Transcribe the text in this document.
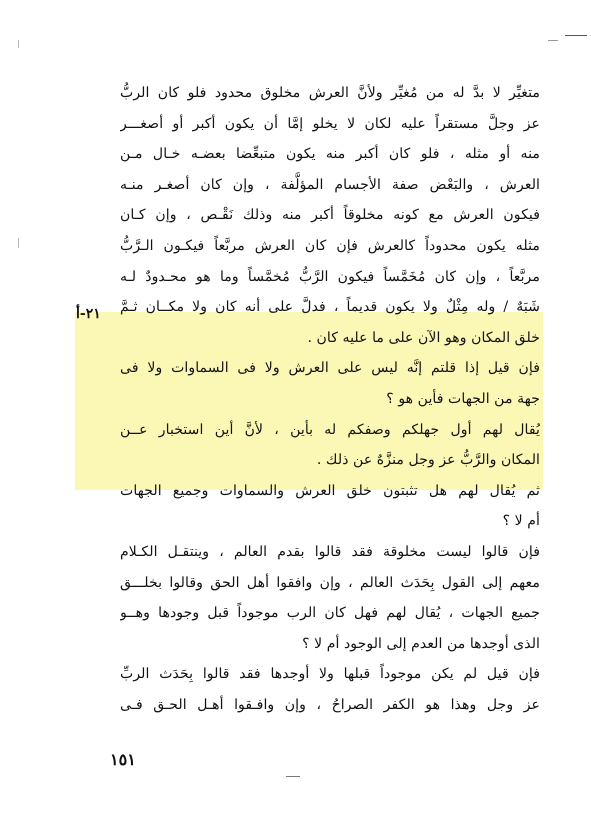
متغيِّر لا بدَّ له من مُغيِّر ولأنَّ العرش مخلوق محدود فلو كان الربُّ
عز وجلَّ مستقراً عليه لكان لا يخلو إمَّا أن يكون أكبر أو أصغـــر
منه أو مثله ، فلو كان أكبر منه يكون متبعِّضا بعضـه خـال مـن
العرش ، والبَعْض صفة الأجسام المؤلَّفة ، وإن كان أصغـر منـه
فيكون العرش مع كونه مخلوقاً أكبر منه وذلك نَقْـص ، وإن كـان
مثله يكون محدوداً كالعرش فإن كان العرش مربَّعاً فيكـون الـرَّبُّ
مربَّعاً ، وإن كان مُخَمَّساً فيكون الرَّبُّ مُخمَّساً وما هو محـدودٌ لـه
شَبَهٌ / وله مِثْلٌ ولا يكون قديماً ، فدلَّ على أنه كان ولا مكــان ثـمَّ
خلق المكان وهو الآن على ما عليه كان .
فإن قيل إذا قلتم إنَّه ليس على العرش ولا فى السماوات ولا فى
جهة من الجهات فأين هو ؟
يُقال لهم أول جهلكم وصفكم له بأين ، لأنَّ أين استخبار عــن
المكان والرَّبُّ عز وجل منزَّهٌ عن ذلك .
ثم يُقال لهم هل تثبتون خلق العرش والسماوات وجميع الجهات
أم لا ؟
فإن قالوا ليست مخلوقة فقد قالوا بقدم العالم ، وينتقـل الكـلام
معهم إلى القول بِحَدَث العالم ، وإن وافقوا أهل الحق وقالوا بخلـــق
جميع الجهات ، يُقال لهم فهل كان الرب موجوداً قبل وجودها وهــو
الذى أوجدها من العدم إلى الوجود أم لا ؟
فإن قيل لم يكن موجوداً قبلها ولا أوجدها فقد قالوا بِحَدَث الربِّ
عز وجل وهذا هو الكفر الصراحُ ، وإن وافـقوا أهـل الحـق فـى
٢١-أ
١٥١
